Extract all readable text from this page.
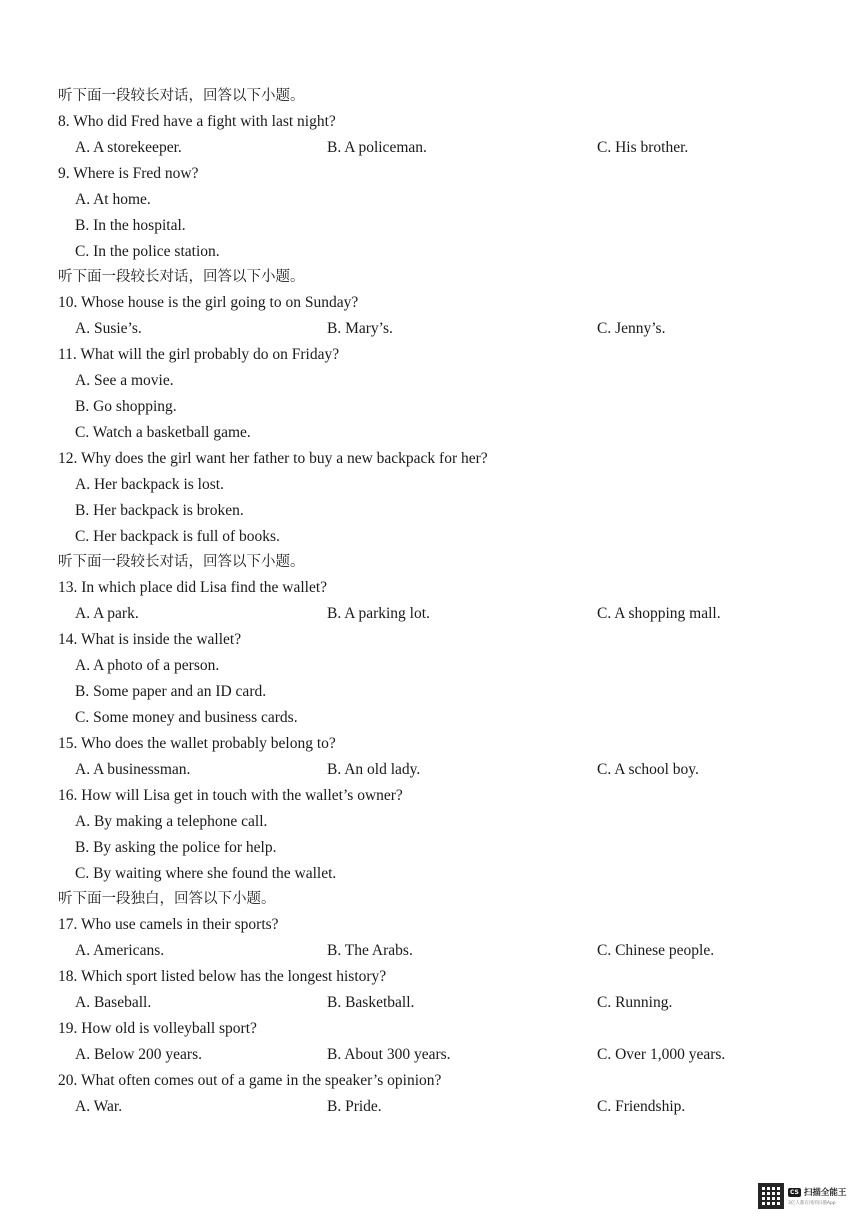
听下面一段较长对话，回答以下小题。
8. Who did Fred have a fight with last night?
A. A storekeeper.	B. A policeman.	C. His brother.
9. Where is Fred now?
A. At home.
B. In the hospital.
C. In the police station.
听下面一段较长对话，回答以下小题。
10. Whose house is the girl going to on Sunday?
A. Susie’s.	B. Mary’s.	C. Jenny’s.
11. What will the girl probably do on Friday?
A. See a movie.
B. Go shopping.
C. Watch a basketball game.
12. Why does the girl want her father to buy a new backpack for her?
A. Her backpack is lost.
B. Her backpack is broken.
C. Her backpack is full of books.
听下面一段较长对话，回答以下小题。
13. In which place did Lisa find the wallet?
A. A park.	B. A parking lot.	C. A shopping mall.
14. What is inside the wallet?
A. A photo of a person.
B. Some paper and an ID card.
C. Some money and business cards.
15. Who does the wallet probably belong to?
A. A businessman.	B. An old lady.	C. A school boy.
16. How will Lisa get in touch with the wallet’s owner?
A. By making a telephone call.
B. By asking the police for help.
C. By waiting where she found the wallet.
听下面一段独白，回答以下小题。
17. Who use camels in their sports?
A. Americans.	B. The Arabs.	C. Chinese people.
18. Which sport listed below has the longest history?
A. Baseball.	B. Basketball.	C. Running.
19. How old is volleyball sport?
A. Below 200 years.	B. About 300 years.	C. Over 1,000 years.
20. What often comes out of a game in the speaker’s opinion?
A. War.	B. Pride.	C. Friendship.
CS 扫描全能王
3亿人都在用的扫描App
